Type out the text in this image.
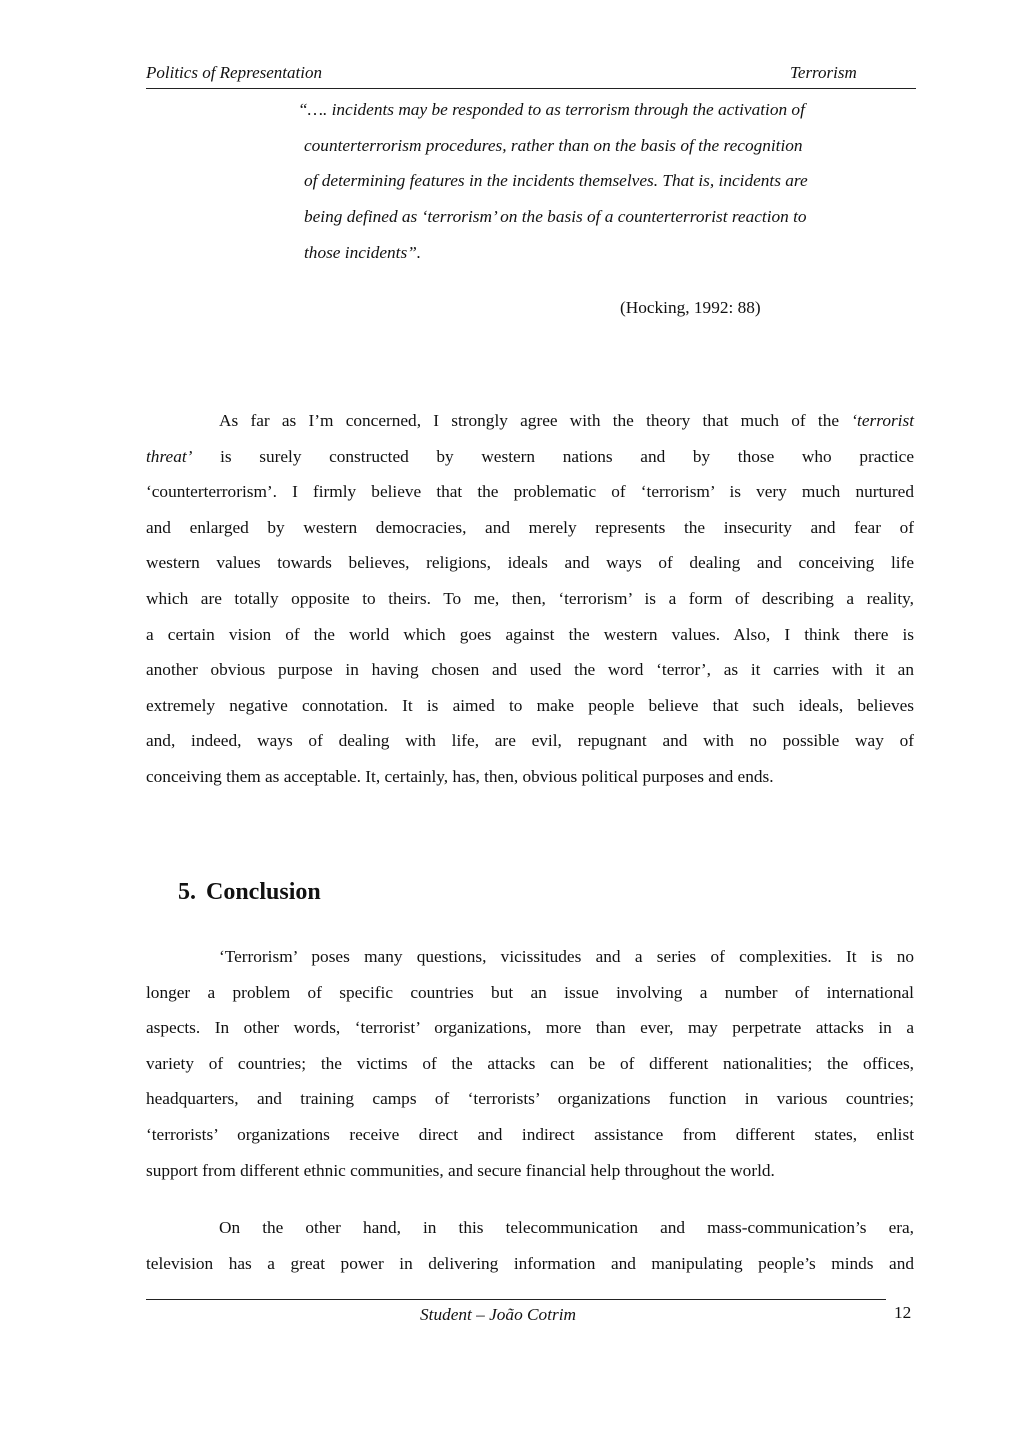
Politics of Representation	Terrorism

“…. incidents may be responded to as terrorism through the activation of
counterterrorism procedures, rather than on the basis of the recognition
of determining features in the incidents themselves. That is, incidents are
being defined as ‘terrorism’ on the basis of a counterterrorist reaction to
those incidents”.

(Hocking, 1992: 88)
As far as I’m concerned, I strongly agree with the theory that much of the ‘terrorist
threat’ is surely constructed by western nations and by those who practice
‘counterterrorism’. I firmly believe that the problematic of ‘terrorism’ is very much nurtured
and enlarged by western democracies, and merely represents the insecurity and fear of
western values towards believes, religions, ideals and ways of dealing and conceiving life
which are totally opposite to theirs. To me, then, ‘terrorism’ is a form of describing a reality,
a certain vision of the world which goes against the western values. Also, I think there is
another obvious purpose in having chosen and used the word ‘terror’, as it carries with it an
extremely negative connotation. It is aimed to make people believe that such ideals, believes
and, indeed, ways of dealing with life, are evil, repugnant and with no possible way of
conceiving them as acceptable. It, certainly, has, then, obvious political purposes and ends.
5. Conclusion
‘Terrorism’ poses many questions, vicissitudes and a series of complexities. It is no
longer a problem of specific countries but an issue involving a number of international
aspects. In other words, ‘terrorist’ organizations, more than ever, may perpetrate attacks in a
variety of countries; the victims of the attacks can be of different nationalities; the offices,
headquarters, and training camps of ‘terrorists’ organizations function in various countries;
‘terrorists’ organizations receive direct and indirect assistance from different states, enlist
support from different ethnic communities, and secure financial help throughout the world.
On the other hand, in this telecommunication and mass-communication’s era,
television has a great power in delivering information and manipulating people’s minds and
Student – João Cotrim	12
